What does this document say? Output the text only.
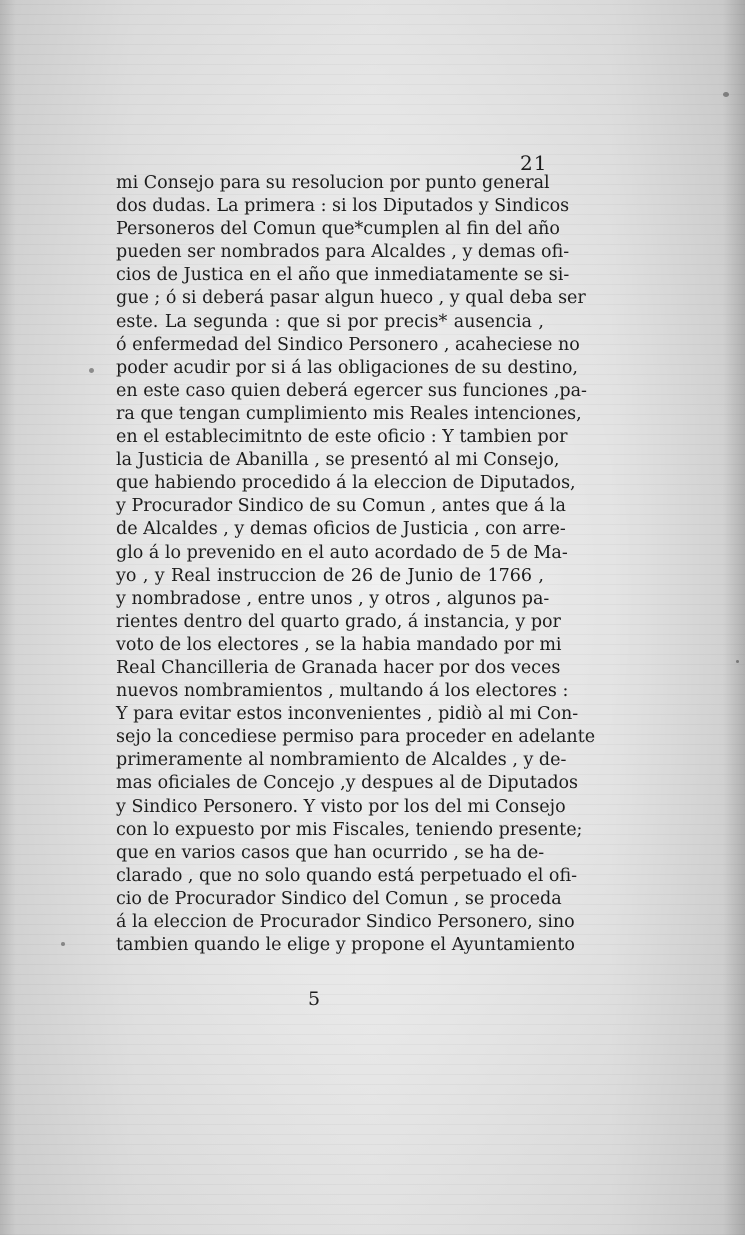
21
mi Consejo para su resolucion por punto general
dos dudas. La primera : si los Diputados y Sindicos
Personeros del Comun que*cumplen al fin del año
pueden ser nombrados para Alcaldes , y demas ofi-
cios de Justica en el año que inmediatamente se si-
gue ; ó si deberá pasar algun hueco , y qual deba ser
este. La segunda : que si por precis* ausencia ,
ó enfermedad del Sindico Personero , acaheciese no
poder acudir por si á las obligaciones de su destino,
en este caso quien deberá egercer sus funciones ,pa-
ra que tengan cumplimiento mis Reales intenciones,
en el establecimitnto de este oficio : Y tambien por
la Justicia de Abanilla , se presentó al mi Consejo,
que habiendo procedido á la eleccion de Diputados,
y Procurador Sindico de su Comun , antes que á la
de Alcaldes , y demas oficios de Justicia , con arre-
glo á lo prevenido en el auto acordado de 5 de Ma-
yo , y Real instruccion de 26 de Junio de 1766 ,
y nombradose , entre unos , y otros , algunos pa-
rientes dentro del quarto grado, á instancia, y por
voto de los electores , se la habia mandado por mi
Real Chancilleria de Granada hacer por dos veces
nuevos nombramientos , multando á los electores :
Y para evitar estos inconvenientes , pidiò al mi Con-
sejo la concediese permiso para proceder en adelante
primeramente al nombramiento de Alcaldes , y de-
mas oficiales de Concejo ,y despues al de Diputados
y Sindico Personero. Y visto por los del mi Consejo
con lo expuesto por mis Fiscales, teniendo presente;
que en varios casos que han ocurrido , se ha de-
clarado , que no solo quando está perpetuado el ofi-
cio de Procurador Sindico del Comun , se proceda
á la eleccion de Procurador Sindico Personero, sino
tambien quando le elige y propone el Ayuntamiento
5
